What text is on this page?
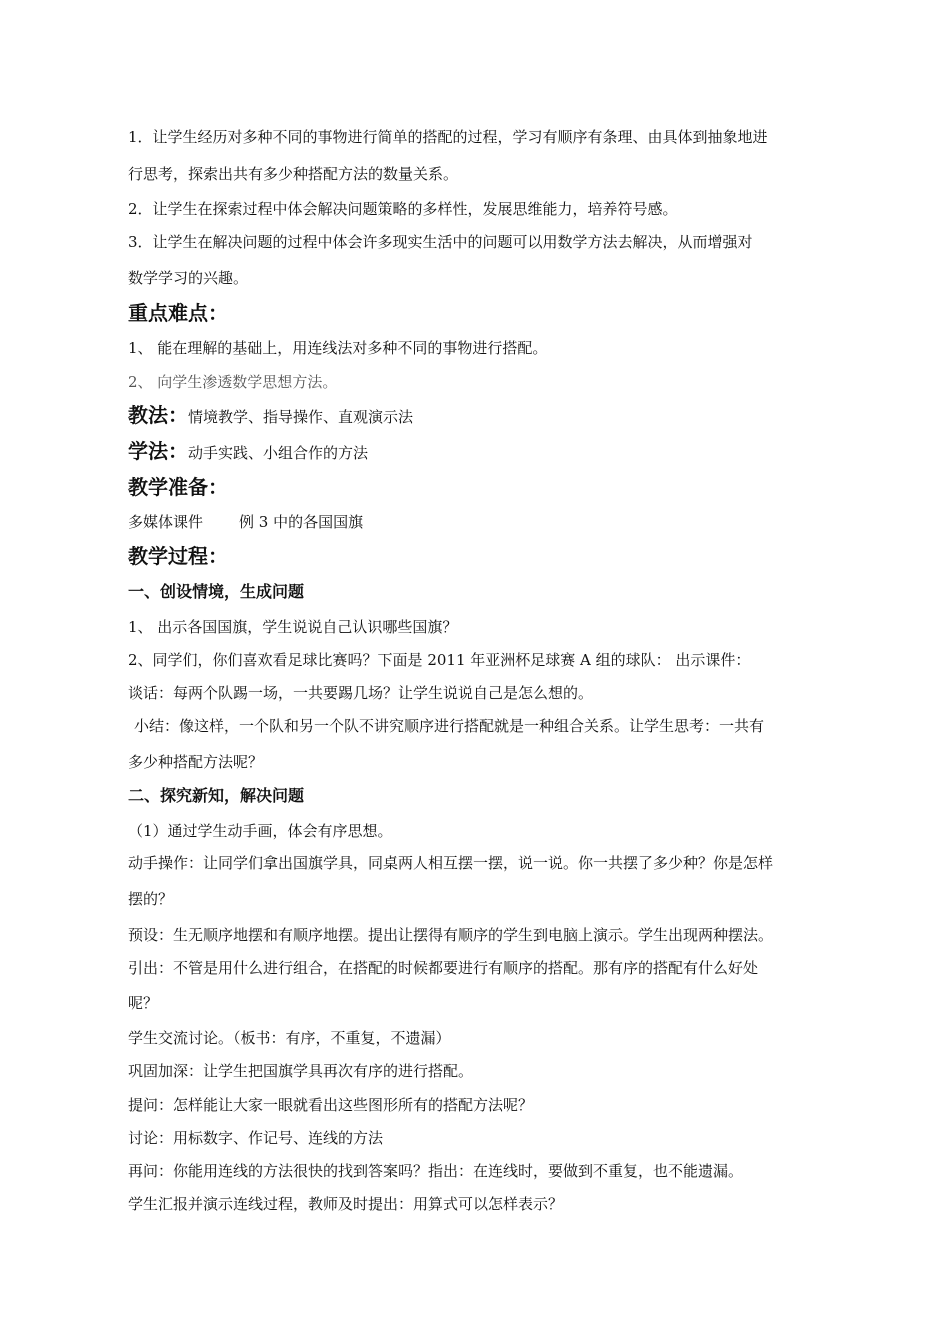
1．让学生经历对多种不同的事物进行简单的搭配的过程，学习有顺序有条理、由具体到抽象地进
行思考，探索出共有多少种搭配方法的数量关系。
2．让学生在探索过程中体会解决问题策略的多样性，发展思维能力，培养符号感。
3．让学生在解决问题的过程中体会许多现实生活中的问题可以用数学方法去解决，从而增强对
数学学习的兴趣。
重点难点：
1、 能在理解的基础上，用连线法对多种不同的事物进行搭配。
2、 向学生渗透数学思想方法。
教法：情境教学、指导操作、直观演示法
学法：动手实践、小组合作的方法
教学准备：
多媒体课件 例 3 中的各国国旗
教学过程：
一、创设情境，生成问题
1、 出示各国国旗，学生说说自己认识哪些国旗？
2、同学们，你们喜欢看足球比赛吗？下面是 2011 年亚洲杯足球赛 A 组的球队： 出示课件：
谈话：每两个队踢一场，一共要踢几场？让学生说说自己是怎么想的。
小结：像这样，一个队和另一个队不讲究顺序进行搭配就是一种组合关系。让学生思考：一共有
多少种搭配方法呢？
二、探究新知，解决问题
（1）通过学生动手画，体会有序思想。
动手操作：让同学们拿出国旗学具，同桌两人相互摆一摆，说一说。你一共摆了多少种？你是怎样
摆的？
预设：生无顺序地摆和有顺序地摆。提出让摆得有顺序的学生到电脑上演示。学生出现两种摆法。
引出：不管是用什么进行组合，在搭配的时候都要进行有顺序的搭配。那有序的搭配有什么好处
呢？
学生交流讨论。（板书：有序，不重复，不遗漏）
巩固加深：让学生把国旗学具再次有序的进行搭配。
提问：怎样能让大家一眼就看出这些图形所有的搭配方法呢？
讨论：用标数字、作记号、连线的方法
再问：你能用连线的方法很快的找到答案吗？指出：在连线时，要做到不重复，也不能遗漏。
学生汇报并演示连线过程，教师及时提出：用算式可以怎样表示？
